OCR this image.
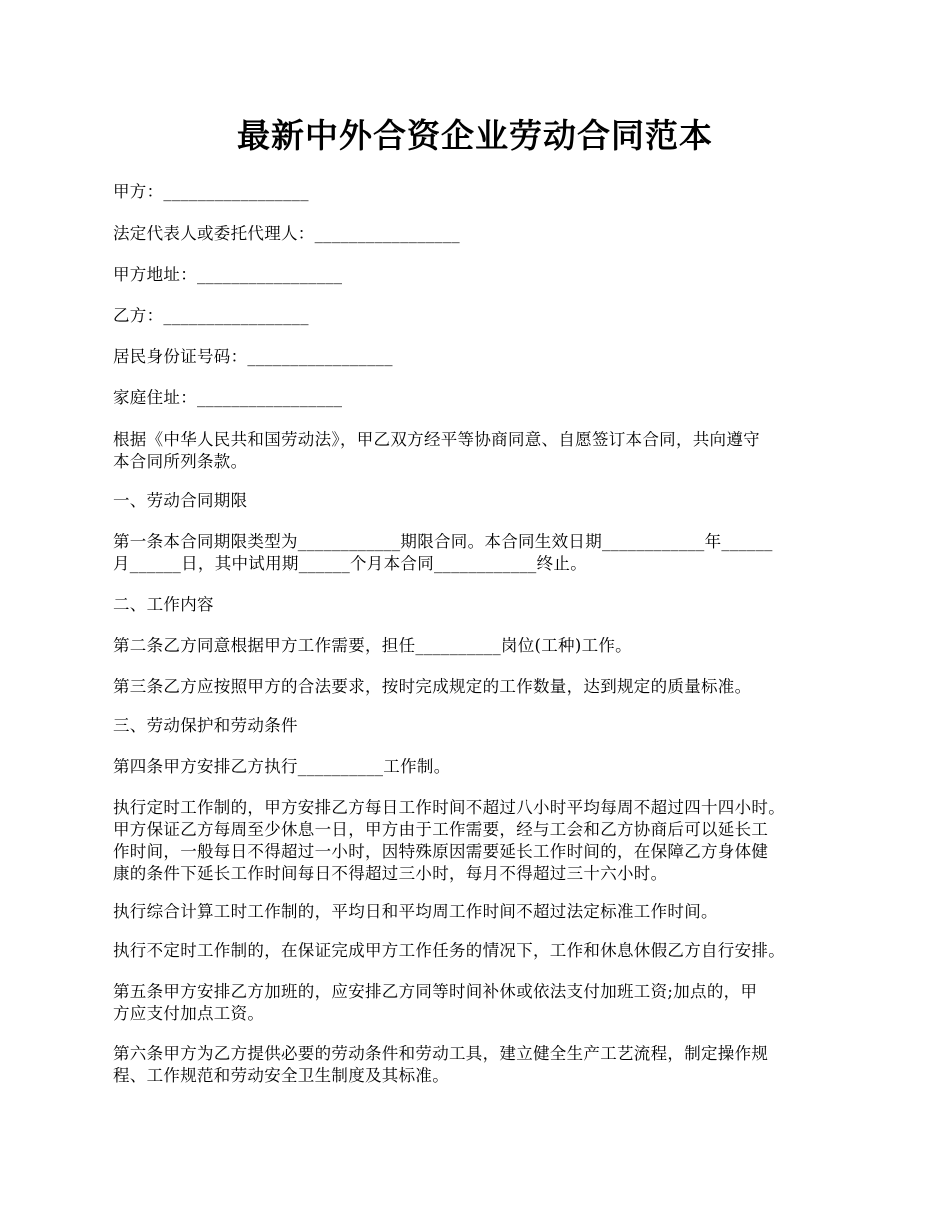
最新中外合资企业劳动合同范本
甲方：_________________
法定代表人或委托代理人：_________________
甲方地址：_________________
乙方：_________________
居民身份证号码：_________________
家庭住址：_________________
根据《中华人民共和国劳动法》，甲乙双方经平等协商同意、自愿签订本合同，共向遵守
本合同所列条款。
一、劳动合同期限
第一条本合同期限类型为____________期限合同。本合同生效日期____________年______
月______日，其中试用期______个月本合同____________终止。
二、工作内容
第二条乙方同意根据甲方工作需要，担任__________岗位(工种)工作。
第三条乙方应按照甲方的合法要求，按时完成规定的工作数量，达到规定的质量标准。
三、劳动保护和劳动条件
第四条甲方安排乙方执行__________工作制。
执行定时工作制的，甲方安排乙方每日工作时间不超过八小时平均每周不超过四十四小时。
甲方保证乙方每周至少休息一日，甲方由于工作需要，经与工会和乙方协商后可以延长工
作时间，一般每日不得超过一小时，因特殊原因需要延长工作时间的，在保障乙方身体健
康的条件下延长工作时间每日不得超过三小时，每月不得超过三十六小时。
执行综合计算工时工作制的，平均日和平均周工作时间不超过法定标准工作时间。
执行不定时工作制的，在保证完成甲方工作任务的情况下，工作和休息休假乙方自行安排。
第五条甲方安排乙方加班的，应安排乙方同等时间补休或依法支付加班工资;加点的，甲
方应支付加点工资。
第六条甲方为乙方提供必要的劳动条件和劳动工具，建立健全生产工艺流程，制定操作规
程、工作规范和劳动安全卫生制度及其标准。
